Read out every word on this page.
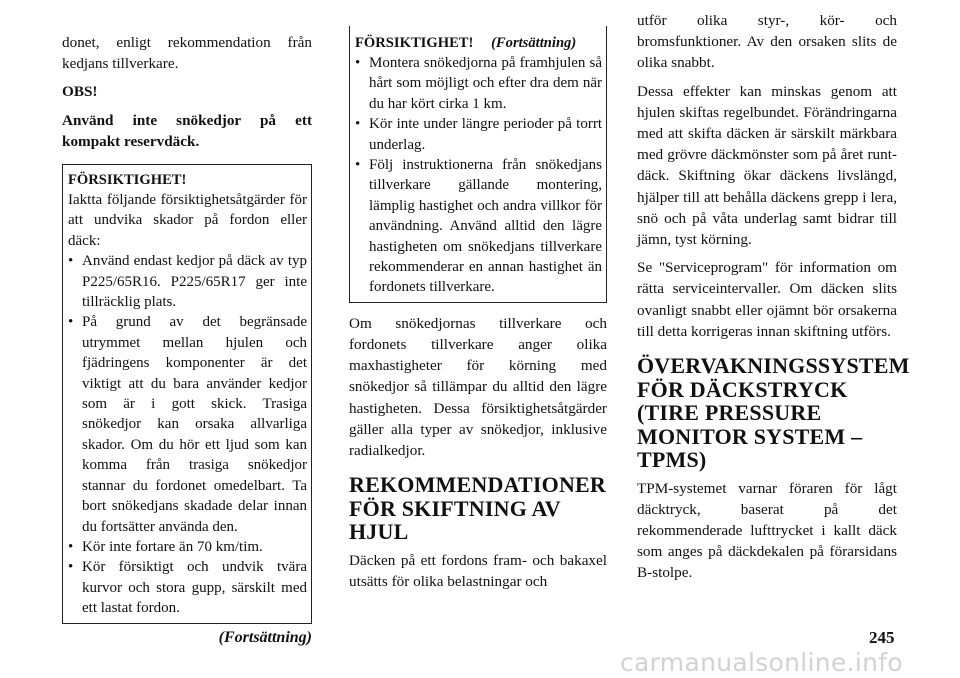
donet, enligt rekommendation från kedjans tillverkare.

OBS!

Använd inte snökedjor på ett kompakt reservdäck.

FÖRSIKTIGHET!

Iaktta följande försiktighetsåtgärder för att undvika skador på fordon eller däck:

• Använd endast kedjor på däck av typ P225/65R16. P225/65R17 ger inte tillräcklig plats.
• På grund av det begränsade utrymmet mellan hjulen och fjädringens komponenter är det viktigt att du bara använder kedjor som är i gott skick. Trasiga snökedjor kan orsaka allvarliga skador. Om du hör ett ljud som kan komma från trasiga snökedjor stannar du fordonet omedelbart. Ta bort snökedjans skadade delar innan du fortsätter använda den.
• Kör inte fortare än 70 km/tim.
• Kör försiktigt och undvik tvära kurvor och stora gupp, särskilt med ett lastat fordon.
(Fortsättning)
FÖRSIKTIGHET! (Fortsättning)
• Montera snökedjorna på framhjulen så hårt som möjligt och efter dra dem när du har kört cirka 1 km.
• Kör inte under längre perioder på torrt underlag.
• Följ instruktionerna från snökedjans tillverkare gällande montering, lämplig hastighet och andra villkor för användning. Använd alltid den lägre hastigheten om snökedjans tillverkare rekommenderar en annan hastighet än fordonets tillverkare.

Om snökedjornas tillverkare och fordonets tillverkare anger olika maxhastigheter för körning med snökedjor så tillämpar du alltid den lägre hastigheten. Dessa försiktighetsåtgärder gäller alla typer av snökedjor, inklusive radialkedjor.

REKOMMENDATIONER
FÖR SKIFTNING AV
HJUL

Däcken på ett fordons fram- och bakaxel utsätts för olika belastningar och

utför olika styr-, kör- och bromsfunktioner. Av den orsaken slits de olika snabbt.

Dessa effekter kan minskas genom att hjulen skiftas regelbundet. Förändringarna med att skifta däcken är särskilt märkbara med grövre däckmönster som på året runt-däck. Skiftning ökar däckens livslängd, hjälper till att behålla däckens grepp i lera, snö och på våta underlag samt bidrar till jämn, tyst körning.

Se "Serviceprogram" för information om rätta serviceintervaller. Om däcken slits ovanligt snabbt eller ojämnt bör orsakerna till detta korrigeras innan skiftning utförs.

ÖVERVAKNINGSSYSTEM
FÖR DÄCKSTRYCK
(TIRE PRESSURE
MONITOR SYSTEM –
TPMS)

TPM-systemet varnar föraren för lågt däcktryck, baserat på det rekommenderade lufttrycket i kallt däck som anges på däckdekalen på förarsidans B-stolpe.

245
carmanualsonline.info
